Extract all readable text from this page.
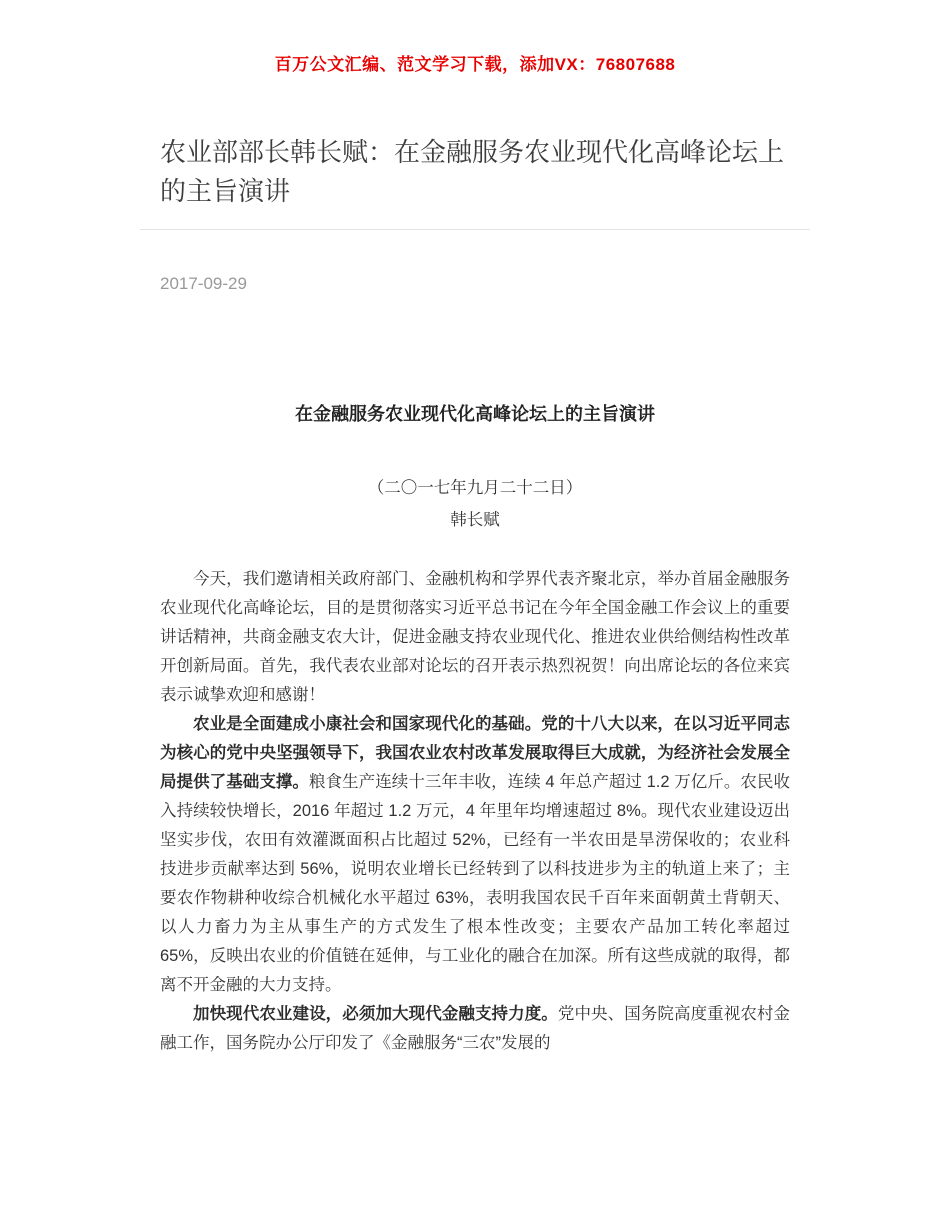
百万公文汇编、范文学习下载，添加VX：76807688
农业部部长韩长赋：在金融服务农业现代化高峰论坛上的主旨演讲
2017-09-29
在金融服务农业现代化高峰论坛上的主旨演讲
（二〇一七年九月二十二日）
韩长赋

今天，我们邀请相关政府部门、金融机构和学界代表齐聚北京，举办首届金融服务农业现代化高峰论坛，目的是贯彻落实习近平总书记在今年全国金融工作会议上的重要讲话精神，共商金融支农大计，促进金融支持农业现代化、推进农业供给侧结构性改革开创新局面。首先，我代表农业部对论坛的召开表示热烈祝贺！向出席论坛的各位来宾表示诚挚欢迎和感谢！

农业是全面建成小康社会和国家现代化的基础。党的十八大以来，在以习近平同志为核心的党中央坚强领导下，我国农业农村改革发展取得巨大成就，为经济社会发展全局提供了基础支撑。粮食生产连续十三年丰收，连续 4 年总产超过 1.2 万亿斤。农民收入持续较快增长，2016 年超过 1.2 万元，4 年里年均增速超过 8%。现代农业建设迈出坚实步伐，农田有效灌溉面积占比超过 52%，已经有一半农田是旱涝保收的；农业科技进步贡献率达到 56%，说明农业增长已经转到了以科技进步为主的轨道上来了；主要农作物耕种收综合机械化水平超过 63%，表明我国农民千百年来面朝黄土背朝天、以人力畜力为主从事生产的方式发生了根本性改变；主要农产品加工转化率超过 65%，反映出农业的价值链在延伸，与工业化的融合在加深。所有这些成就的取得，都离不开金融的大力支持。

加快现代农业建设，必须加大现代金融支持力度。党中央、国务院高度重视农村金融工作，国务院办公厅印发了《金融服务“三农”发展的
